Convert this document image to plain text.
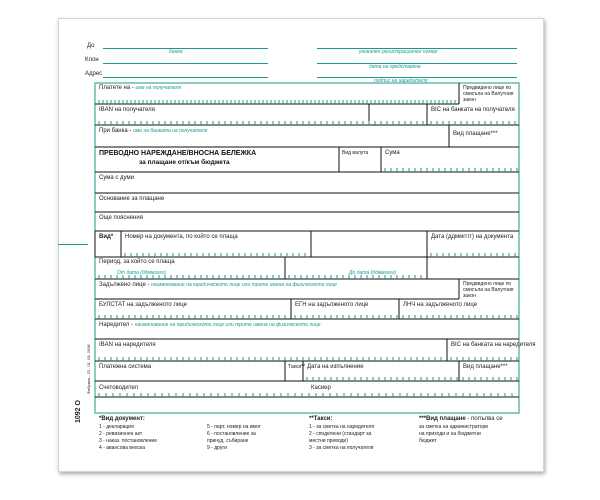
До
банка	уникален регистрационен номер
Клон
дата на представяне
Адрес
подпис на наредителя
Платете на - име на получателя	Предвидено лице по смисъла на Валутния закон
IBAN на получателя	BIC на банката на получателя
При банка - име на банката на получателя	Вид плащане***
ПРЕВОДНО НАРЕЖДАНЕ/ВНОСНА БЕЛЕЖКА
за плащане от/към бюджета
Вид валута	Сума
Сума с думи
Основание за плащане
Още пояснения
Вид* Номер на документа, по който се плаща	Дата (ддммгггг) на документа
Период, за който се плаща
От дата (ддммгггг)	До дата (ддммгггг)
Задължено лице - наименование на юридическото лице или трите имена на физическото лице	Предвидено лице по смисъла на Валутния закон
БУЛСТАТ на задълженото лице	ЕГН на задълженото лице	ЛНЧ на задълженото лице
Наредител - наименование на юридическото лице или трите имена на физическото лице
IBAN на наредителя	BIC на банката на наредителя
Платежна система	Такси** Дата на изпълнение	Вид плащане***
Счетоводител	Касиер
1092 О
Фабрика - 22 . 01. 03. 2006
*Вид документ:
1 - декларация
2 - ревизионен акт
3 - наказ. постановление
4 - авансова вноска
5 - парт. номер на имот
6 - постановление за
принуд. събиране
9 - други
**Такси:
1 - за сметка на наредителя
2 - споделени (стандарт за
местни преводи)
3 - за сметка на получателя
***Вид плащане - попълва се
за сметка на администратори
на приходи и на бюджетни
бюджет
